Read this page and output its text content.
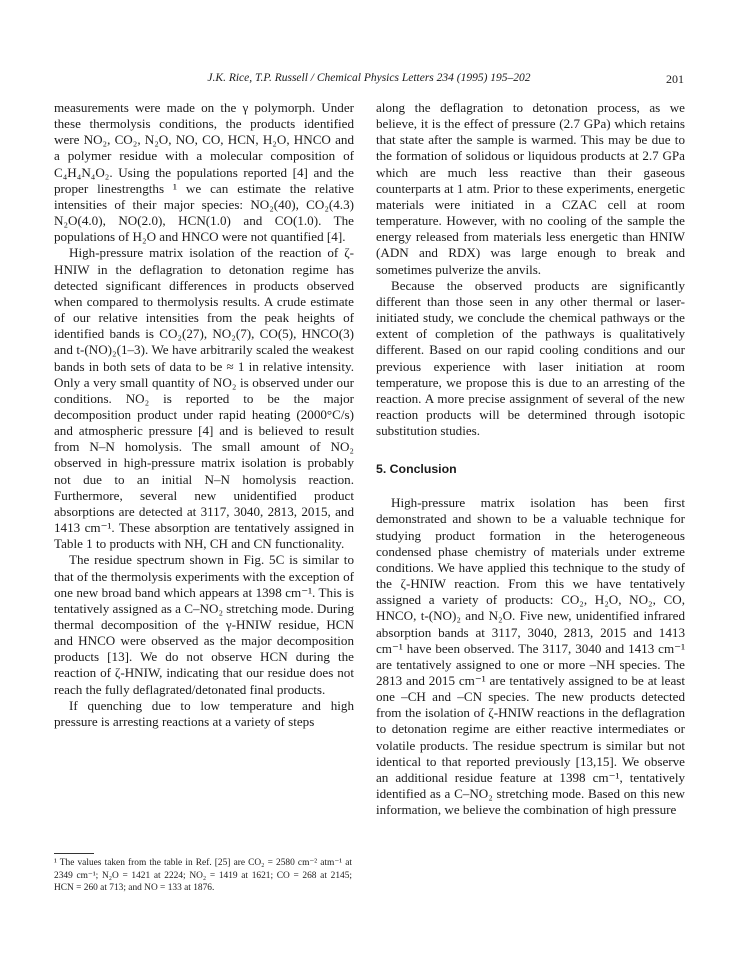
J.K. Rice, T.P. Russell / Chemical Physics Letters 234 (1995) 195–202	201

measurements were made on the γ polymorph. Under these thermolysis conditions, the products identified were NO₂, CO₂, N₂O, NO, CO, HCN, H₂O, HNCO and a polymer residue with a molecular composition of C₄H₄N₄O₂. Using the populations reported [4] and the proper linestrengths ¹ we can estimate the relative intensities of their major species: NO₂(40), CO₂(4.3) N₂O(4.0), NO(2.0), HCN(1.0) and CO(1.0). The populations of H₂O and HNCO were not quantified [4].

High-pressure matrix isolation of the reaction of ζ-HNIW in the deflagration to detonation regime has detected significant differences in products observed when compared to thermolysis results. A crude estimate of our relative intensities from the peak heights of identified bands is CO₂(27), NO₂(7), CO(5), HNCO(3) and t-(NO)₂(1–3). We have arbitrarily scaled the weakest bands in both sets of data to be ≈ 1 in relative intensity. Only a very small quantity of NO₂ is observed under our conditions. NO₂ is reported to be the major decomposition product under rapid heating (2000°C/s) and atmospheric pressure [4] and is believed to result from N–N homolysis. The small amount of NO₂ observed in high-pressure matrix isolation is probably not due to an initial N–N homolysis reaction. Furthermore, several new unidentified product absorptions are detected at 3117, 3040, 2813, 2015, and 1413 cm⁻¹. These absorption are tentatively assigned in Table 1 to products with NH, CH and CN functionality.

The residue spectrum shown in Fig. 5C is similar to that of the thermolysis experiments with the exception of one new broad band which appears at 1398 cm⁻¹. This is tentatively assigned as a C–NO₂ stretching mode. During thermal decomposition of the γ-HNIW residue, HCN and HNCO were observed as the major decomposition products [13]. We do not observe HCN during the reaction of ζ-HNIW, indicating that our residue does not reach the fully deflagrated/detonated final products.

If quenching due to low temperature and high pressure is arresting reactions at a variety of steps

¹ The values taken from the table in Ref. [25] are CO₂ = 2580 cm⁻² atm⁻¹ at 2349 cm⁻¹; N₂O = 1421 at 2224; NO₂ = 1419 at 1621; CO = 268 at 2145; HCN = 260 at 713; and NO = 133 at 1876.

along the deflagration to detonation process, as we believe, it is the effect of pressure (2.7 GPa) which retains that state after the sample is warmed. This may be due to the formation of solidous or liquidous products at 2.7 GPa which are much less reactive than their gaseous counterparts at 1 atm. Prior to these experiments, energetic materials were initiated in a CZAC cell at room temperature. However, with no cooling of the sample the energy released from materials less energetic than HNIW (ADN and RDX) was large enough to break and sometimes pulverize the anvils.

Because the observed products are significantly different than those seen in any other thermal or laser-initiated study, we conclude the chemical pathways or the extent of completion of the pathways is qualitatively different. Based on our rapid cooling conditions and our previous experience with laser initiation at room temperature, we propose this is due to an arresting of the reaction. A more precise assignment of several of the new reaction products will be determined through isotopic substitution studies.

5. Conclusion

High-pressure matrix isolation has been first demonstrated and shown to be a valuable technique for studying product formation in the heterogeneous condensed phase chemistry of materials under extreme conditions. We have applied this technique to the study of the ζ-HNIW reaction. From this we have tentatively assigned a variety of products: CO₂, H₂O, NO₂, CO, HNCO, t-(NO)₂ and N₂O. Five new, unidentified infrared absorption bands at 3117, 3040, 2813, 2015 and 1413 cm⁻¹ have been observed. The 3117, 3040 and 1413 cm⁻¹ are tentatively assigned to one or more –NH species. The 2813 and 2015 cm⁻¹ are tentatively assigned to be at least one –CH and –CN species. The new products detected from the isolation of ζ-HNIW reactions in the deflagration to detonation regime are either reactive intermediates or volatile products. The residue spectrum is similar but not identical to that reported previously [13,15]. We observe an additional residue feature at 1398 cm⁻¹, tentatively identified as a C–NO₂ stretching mode. Based on this new information, we believe the combination of high pressure
